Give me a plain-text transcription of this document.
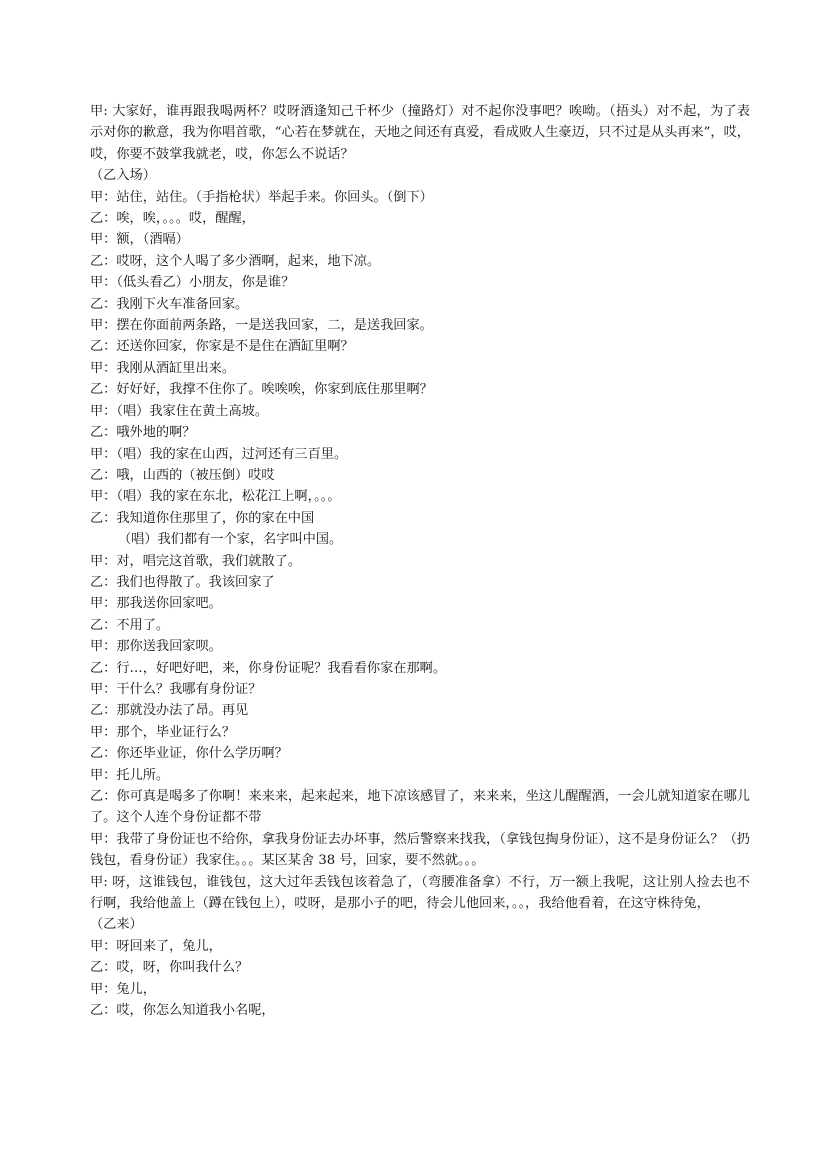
甲: 大家好，谁再跟我喝两杯？哎呀酒逢知己千杯少（撞路灯）对不起你没事吧？唉呦。（捂头）对不起，为了表示对你的歉意，我为你唱首歌，“心若在梦就在，天地之间还有真爱，看成败人生豪迈，只不过是从头再来”，哎，哎，你要不鼓掌我就老，哎，你怎么不说话？

（乙入场）

甲：站住，站住。（手指枪状）举起手来。你回头。（倒下）

乙：唉，唉，。。。哎，醒醒，

甲：额，（酒嗝）

乙：哎呀，这个人喝了多少酒啊，起来，地下凉。

甲：（低头看乙）小朋友，你是谁？

乙：我刚下火车准备回家。

甲：摆在你面前两条路，一是送我回家，二，是送我回家。

乙：还送你回家，你家是不是住在酒缸里啊？

甲：我刚从酒缸里出来。

乙：好好好，我撑不住你了。唉唉唉，你家到底住那里啊？

甲：（唱）我家住在黄土高坡。

乙：哦外地的啊？

甲：（唱）我的家在山西，过河还有三百里。

乙：哦，山西的（被压倒）哎哎

甲：（唱）我的家在东北，松花江上啊，。。。

乙：我知道你住那里了，你的家在中国

（唱）我们都有一个家，名字叫中国。

甲：对，唱完这首歌，我们就散了。

乙：我们也得散了。我该回家了

甲：那我送你回家吧。

乙：不用了。

甲：那你送我回家呗。

乙：行…，好吧好吧，来，你身份证呢？我看看你家在那啊。

甲：干什么？我哪有身份证？

乙：那就没办法了昂。再见

甲：那个，毕业证行么？

乙：你还毕业证，你什么学历啊？

甲：托儿所。

乙：你可真是喝多了你啊！来来来，起来起来，地下凉该感冒了，来来来，坐这儿醒醒酒，一会儿就知道家在哪儿了。这个人连个身份证都不带

甲：我带了身份证也不给你，拿我身份证去办坏事，然后警察来找我，（拿钱包掏身份证），这不是身份证么？（扔钱包，看身份证）我家住。。。某区某舍 38 号，回家，要不然就。。。

甲: 呀，这谁钱包，谁钱包，这大过年丢钱包该着急了，（弯腰准备拿）不行，万一额上我呢，这让别人捡去也不行啊，我给他盖上（蹲在钱包上），哎呀，是那小子的吧，待会儿他回来，。。，我给他看着，在这守株待兔，

（乙来）

甲：呀回来了，兔儿，

乙：哎，呀，你叫我什么？

甲：兔儿，

乙：哎，你怎么知道我小名呢，
